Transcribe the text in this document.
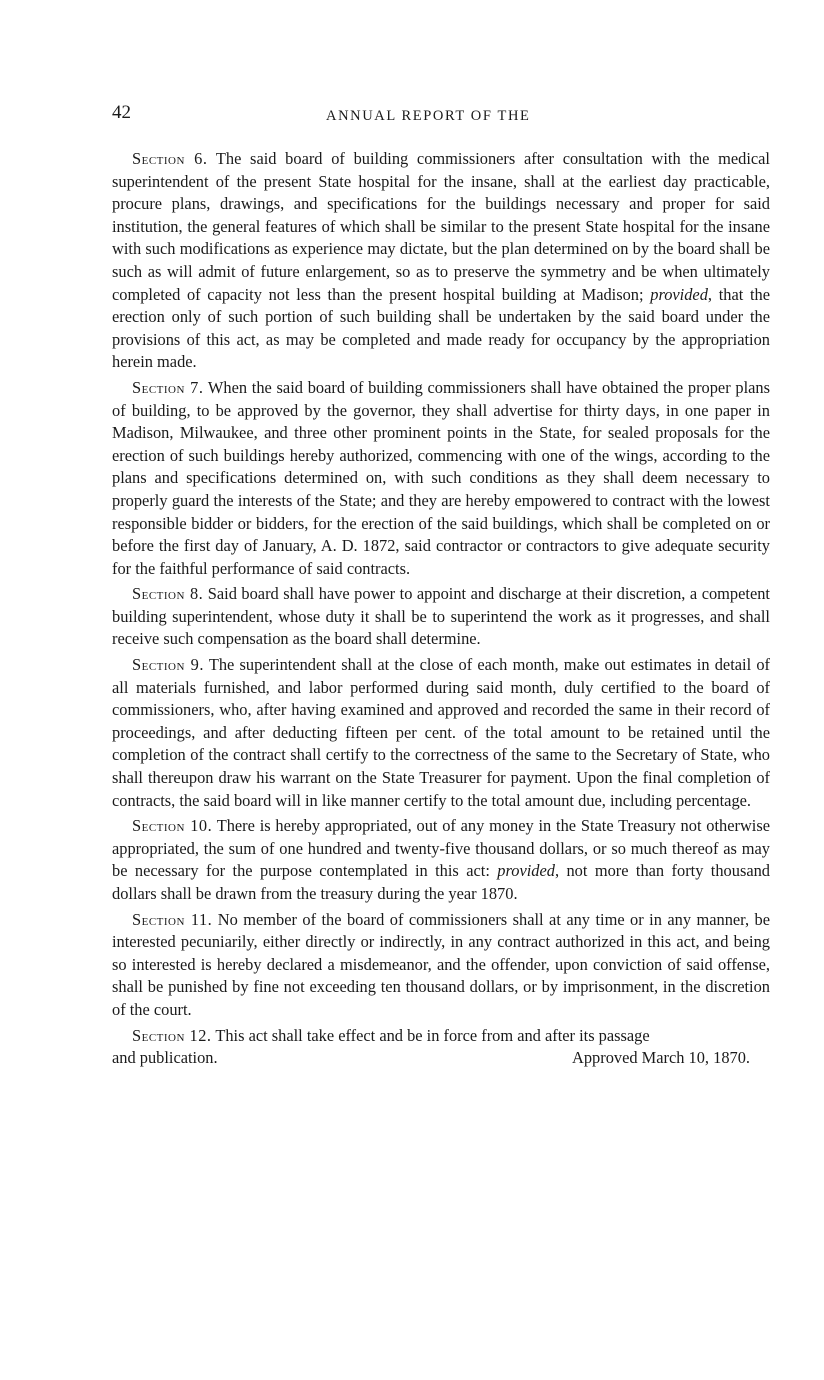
42	ANNUAL REPORT OF THE

Section 6. The said board of building commissioners after consultation with the medical superintendent of the present State hospital for the insane, shall at the earliest day practicable, procure plans, drawings, and specifications for the buildings necessary and proper for said institution, the general features of which shall be similar to the present State hospital for the insane with such modifications as experience may dictate, but the plan determined on by the board shall be such as will admit of future enlargement, so as to preserve the symmetry and be when ultimately completed of capacity not less than the present hospital building at Madison; provided, that the erection only of such portion of such building shall be undertaken by the said board under the provisions of this act, as may be completed and made ready for occupancy by the appropriation herein made.

Section 7. When the said board of building commissioners shall have obtained the proper plans of building, to be approved by the governor, they shall advertise for thirty days, in one paper in Madison, Milwaukee, and three other prominent points in the State, for sealed proposals for the erection of such buildings hereby authorized, commencing with one of the wings, according to the plans and specifications determined on, with such conditions as they shall deem necessary to properly guard the interests of the State; and they are hereby empowered to contract with the lowest responsible bidder or bidders, for the erection of the said buildings, which shall be completed on or before the first day of January, A. D. 1872, said contractor or contractors to give adequate security for the faithful performance of said contracts.

Section 8. Said board shall have power to appoint and discharge at their discretion, a competent building superintendent, whose duty it shall be to superintend the work as it progresses, and shall receive such compensation as the board shall determine.

Section 9. The superintendent shall at the close of each month, make out estimates in detail of all materials furnished, and labor performed during said month, duly certified to the board of commissioners, who, after having examined and approved and recorded the same in their record of proceedings, and after deducting fifteen per cent. of the total amount to be retained until the completion of the contract shall certify to the correctness of the same to the Secretary of State, who shall thereupon draw his warrant on the State Treasurer for payment. Upon the final completion of contracts, the said board will in like manner certify to the total amount due, including percentage.

Section 10. There is hereby appropriated, out of any money in the State Treasury not otherwise appropriated, the sum of one hundred and twenty-five thousand dollars, or so much thereof as may be necessary for the purpose contemplated in this act: provided, not more than forty thousand dollars shall be drawn from the treasury during the year 1870.

Section 11. No member of the board of commissioners shall at any time or in any manner, be interested pecuniarily, either directly or indirectly, in any contract authorized in this act, and being so interested is hereby declared a misdemeanor, and the offender, upon conviction of said offense, shall be punished by fine not exceeding ten thousand dollars, or by imprisonment, in the discretion of the court.

Section 12. This act shall take effect and be in force from and after its passage
and publication.	Approved March 10, 1870.
